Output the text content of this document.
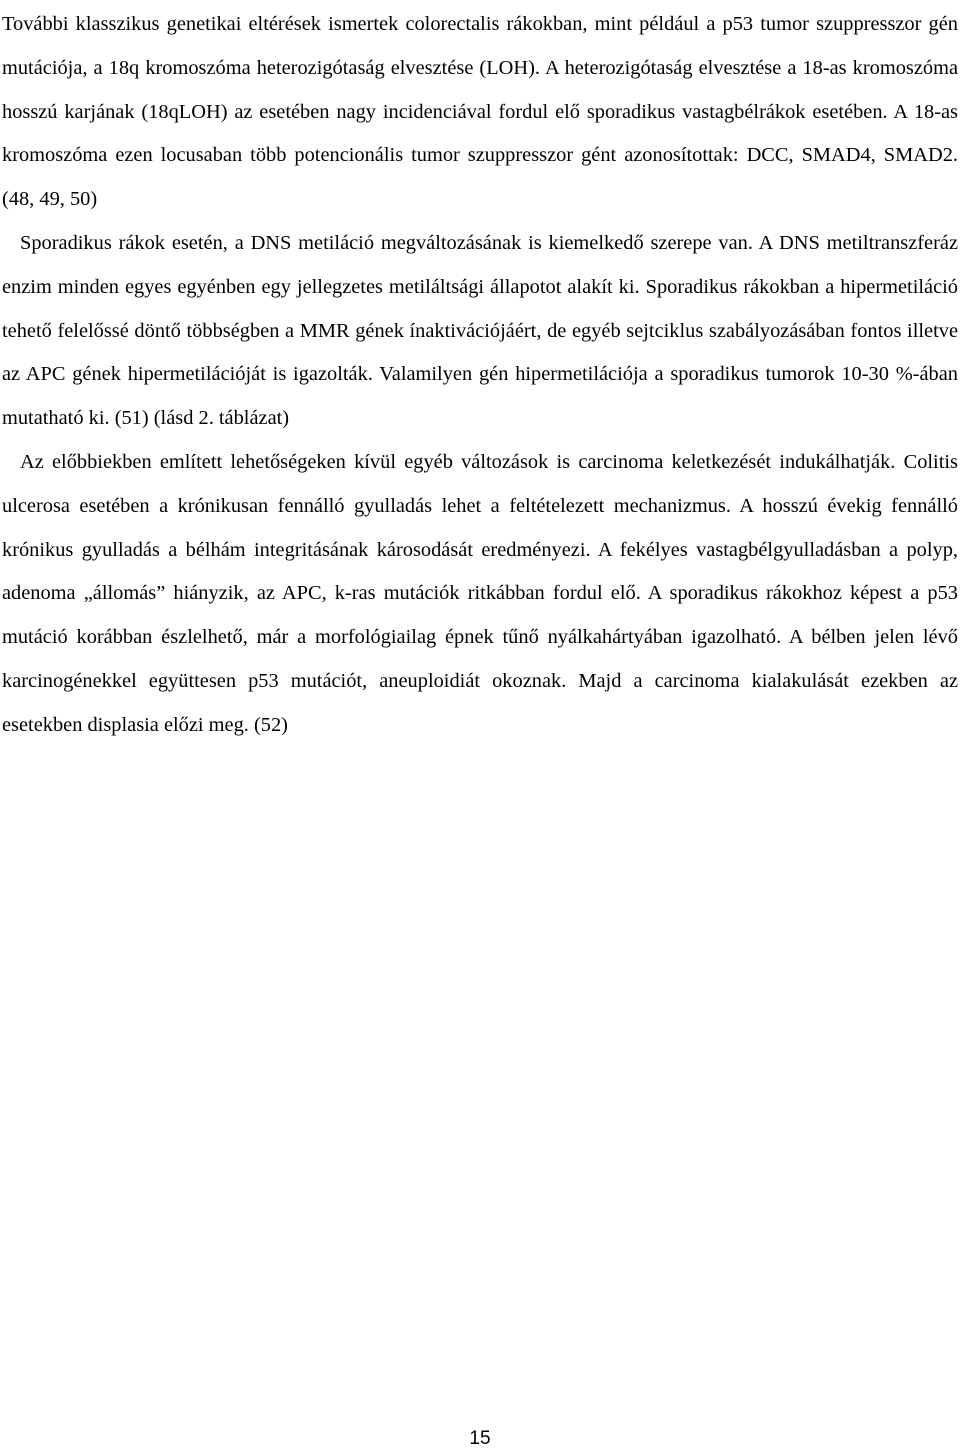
További klasszikus genetikai eltérések ismertek colorectalis rákokban, mint például a p53 tumor szuppresszor gén mutációja, a 18q kromoszóma heterozigótaság elvesztése (LOH). A heterozigótaság elvesztése a 18-as kromoszóma hosszú karjának (18qLOH) az esetében nagy incidenciával fordul elő sporadikus vastagbélrákok esetében. A 18-as kromoszóma ezen locusaban több potencionális tumor szuppresszor gént azonosítottak: DCC, SMAD4, SMAD2. (48, 49, 50)

Sporadikus rákok esetén, a DNS metiláció megváltozásának is kiemelkedő szerepe van. A DNS metiltranszferáz enzim minden egyes egyénben egy jellegzetes metiláltsági állapotot alakít ki. Sporadikus rákokban a hipermetiláció tehető felelőssé döntő többségben a MMR gének ínaktivációjáért, de egyéb sejtciklus szabályozásában fontos illetve az APC gének hipermetilációját is igazolták. Valamilyen gén hipermetilációja a sporadikus tumorok 10-30 %-ában mutatható ki. (51) (lásd 2. táblázat)

Az előbbiekben említett lehetőségeken kívül egyéb változások is carcinoma keletkezését indukálhatják. Colitis ulcerosa esetében a krónikusan fennálló gyulladás lehet a feltételezett mechanizmus. A hosszú évekig fennálló krónikus gyulladás a bélhám integritásának károsodását eredményezi. A fekélyes vastagbélgyulladásban a polyp, adenoma „állomás” hiányzik, az APC, k-ras mutációk ritkábban fordul elő. A sporadikus rákokhoz képest a p53 mutáció korábban észlelhető, már a morfológiailag épnek tűnő nyálkahártyában igazolható. A bélben jelen lévő karcinogénekkel együttesen p53 mutációt, aneuploidiát okoznak. Majd a carcinoma kialakulását ezekben az esetekben displasia előzi meg. (52)

15
